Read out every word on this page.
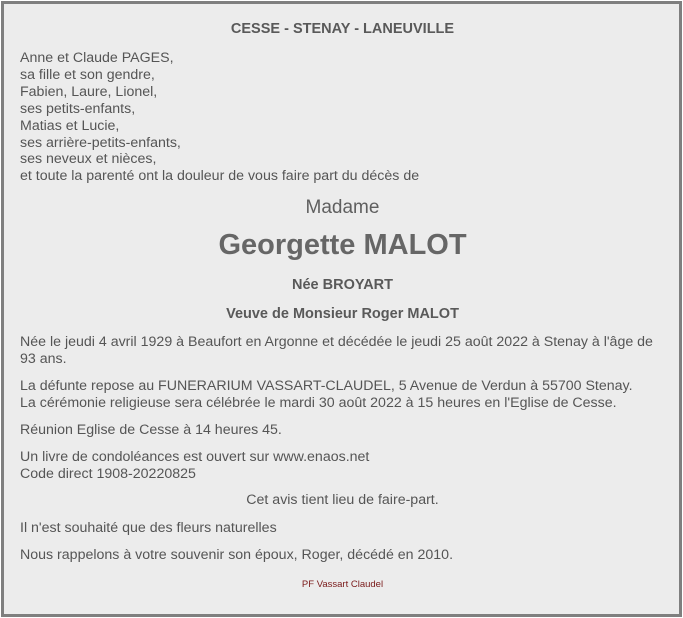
CESSE - STENAY - LANEUVILLE
Anne et Claude PAGES,
sa fille et son gendre,
Fabien, Laure, Lionel,
ses petits-enfants,
Matias et Lucie,
ses arrière-petits-enfants,
ses neveux et nièces,
et toute la parenté ont la douleur de vous faire part du décès de
Madame
Georgette MALOT
Née BROYART
Veuve de Monsieur Roger MALOT
Née le jeudi 4 avril 1929 à Beaufort en Argonne et décédée le jeudi 25 août 2022 à Stenay à l'âge de
93 ans.
La défunte repose au FUNERARIUM VASSART-CLAUDEL, 5 Avenue de Verdun à 55700 Stenay.
La cérémonie religieuse sera célébrée le mardi 30 août 2022 à 15 heures en l'Eglise de Cesse.
Réunion Eglise de Cesse à 14 heures 45.
Un livre de condoléances est ouvert sur www.enaos.net
Code direct 1908-20220825
Cet avis tient lieu de faire-part.
Il n'est souhaité que des fleurs naturelles
Nous rappelons à votre souvenir son époux, Roger, décédé en 2010.
PF Vassart Claudel
